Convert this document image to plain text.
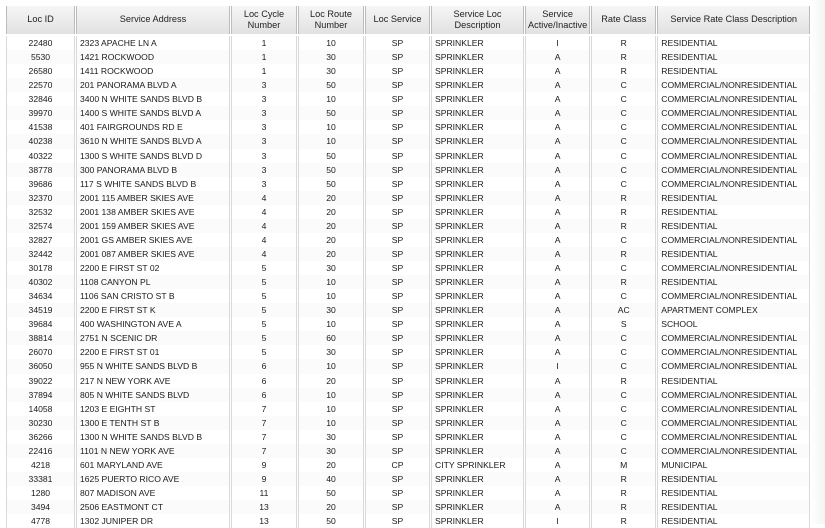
Loc ID		Service Address		Loc Cycle Number		Loc Route Number		Loc Service		Service Loc Description		Service Active/Inactive		Rate Class		Service Rate Class Description
22480		2323 APACHE LN A		1		10		SP		SPRINKLER		I		R		RESIDENTIAL
5530		1421 ROCKWOOD		1		30		SP		SPRINKLER		A		R		RESIDENTIAL
26580		1411 ROCKWOOD		1		30		SP		SPRINKLER		A		R		RESIDENTIAL
22570		201 PANORAMA BLVD A		3		50		SP		SPRINKLER		A		C		COMMERCIAL/NONRESIDENTIAL
32846		3400 N WHITE SANDS BLVD B		3		10		SP		SPRINKLER		A		C		COMMERCIAL/NONRESIDENTIAL
39970		1400 S WHITE SANDS BLVD A		3		50		SP		SPRINKLER		A		C		COMMERCIAL/NONRESIDENTIAL
41538		401 FAIRGROUNDS RD E		3		10		SP		SPRINKLER		A		C		COMMERCIAL/NONRESIDENTIAL
40238		3610 N WHITE SANDS BLVD A		3		10		SP		SPRINKLER		A		C		COMMERCIAL/NONRESIDENTIAL
40322		1300 S WHITE SANDS BLVD D		3		50		SP		SPRINKLER		A		C		COMMERCIAL/NONRESIDENTIAL
38778		300 PANORAMA BLVD B		3		50		SP		SPRINKLER		A		C		COMMERCIAL/NONRESIDENTIAL
39686		117 S WHITE SANDS BLVD B		3		50		SP		SPRINKLER		A		C		COMMERCIAL/NONRESIDENTIAL
32370		2001 115 AMBER SKIES AVE		4		20		SP		SPRINKLER		A		R		RESIDENTIAL
32532		2001 138 AMBER SKIES AVE		4		20		SP		SPRINKLER		A		R		RESIDENTIAL
32574		2001 159 AMBER SKIES AVE		4		20		SP		SPRINKLER		A		R		RESIDENTIAL
32827		2001 GS AMBER SKIES AVE		4		20		SP		SPRINKLER		A		C		COMMERCIAL/NONRESIDENTIAL
32442		2001 087 AMBER SKIES AVE		4		20		SP		SPRINKLER		A		R		RESIDENTIAL
30178		2200 E FIRST ST 02		5		30		SP		SPRINKLER		A		C		COMMERCIAL/NONRESIDENTIAL
40302		1108 CANYON PL		5		10		SP		SPRINKLER		A		R		RESIDENTIAL
34634		1106 SAN CRISTO ST B		5		10		SP		SPRINKLER		A		C		COMMERCIAL/NONRESIDENTIAL
34519		2200 E FIRST ST K		5		30		SP		SPRINKLER		A		AC		APARTMENT COMPLEX
39684		400 WASHINGTON AVE A		5		10		SP		SPRINKLER		A		S		SCHOOL
38814		2751 N SCENIC DR		5		60		SP		SPRINKLER		A		C		COMMERCIAL/NONRESIDENTIAL
26070		2200 E FIRST ST 01		5		30		SP		SPRINKLER		A		C		COMMERCIAL/NONRESIDENTIAL
36050		955 N WHITE SANDS BLVD B		6		10		SP		SPRINKLER		I		C		COMMERCIAL/NONRESIDENTIAL
39022		217 N NEW YORK AVE		6		20		SP		SPRINKLER		A		R		RESIDENTIAL
37894		805 N WHITE SANDS BLVD		6		10		SP		SPRINKLER		A		C		COMMERCIAL/NONRESIDENTIAL
14058		1203 E EIGHTH ST		7		10		SP		SPRINKLER		A		C		COMMERCIAL/NONRESIDENTIAL
30230		1300 E TENTH ST B		7		10		SP		SPRINKLER		A		C		COMMERCIAL/NONRESIDENTIAL
36266		1300 N WHITE SANDS BLVD B		7		30		SP		SPRINKLER		A		C		COMMERCIAL/NONRESIDENTIAL
22416		1101 N NEW YORK AVE		7		30		SP		SPRINKLER		A		C		COMMERCIAL/NONRESIDENTIAL
4218		601 MARYLAND AVE		9		20		CP		CITY SPRINKLER		A		M		MUNICIPAL
33381		1625 PUERTO RICO AVE		9		40		SP		SPRINKLER		A		R		RESIDENTIAL
1280		807 MADISON AVE		11		50		SP		SPRINKLER		A		R		RESIDENTIAL
3494		2506 EASTMONT CT		13		20		SP		SPRINKLER		A		R		RESIDENTIAL
4778		1302 JUNIPER DR		13		50		SP		SPRINKLER		I		R		RESIDENTIAL
